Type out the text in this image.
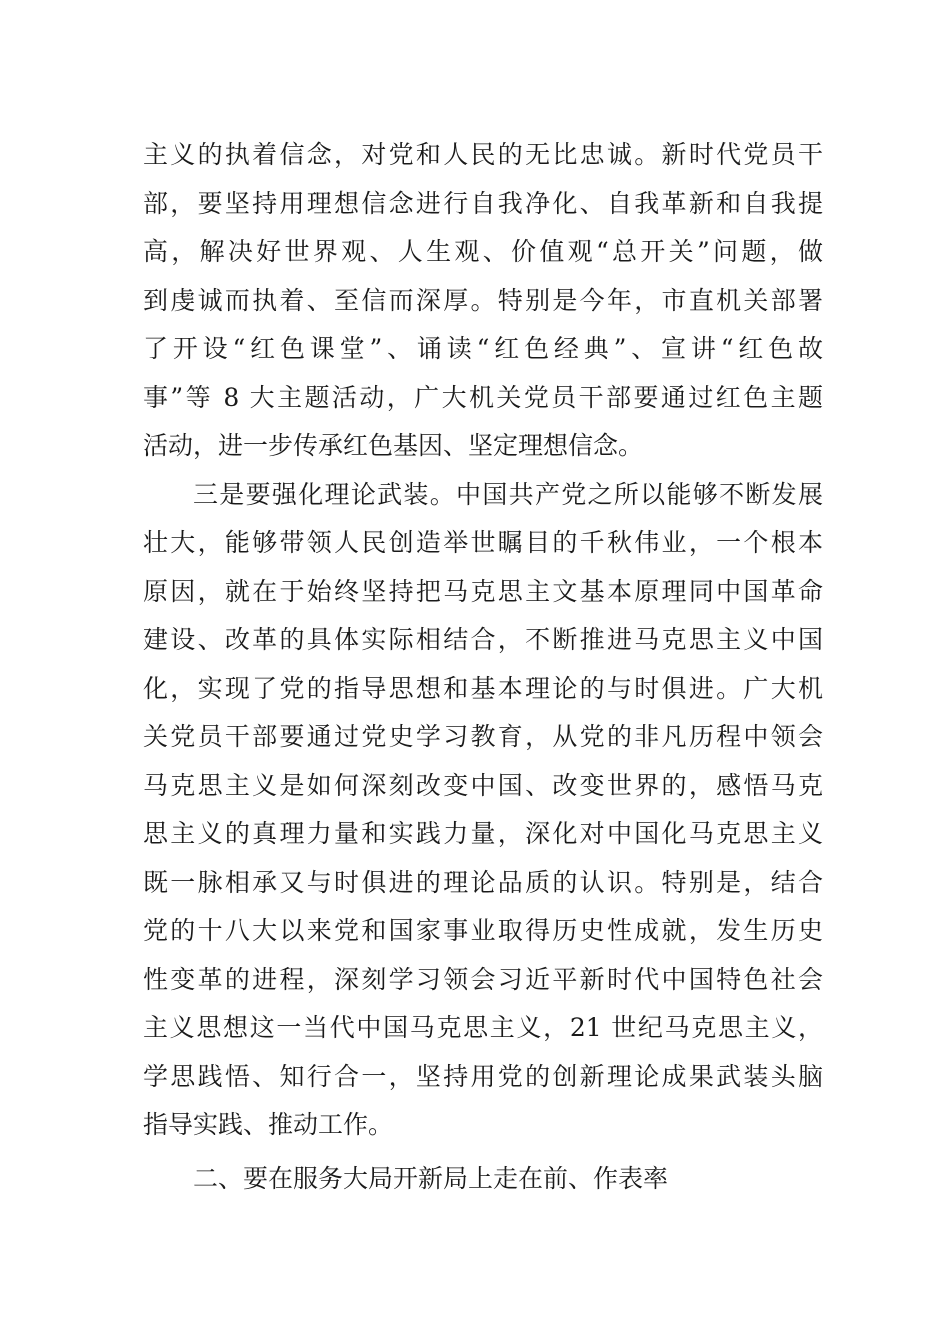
主义的执着信念，对党和人民的无比忠诚。新时代党员干
部，要坚持用理想信念进行自我净化、自我革新和自我提
高，解决好世界观、人生观、价值观“总开关”问题，做
到虔诚而执着、至信而深厚。特别是今年，市直机关部署
了开设“红色课堂”、诵读“红色经典”、宣讲“红色故
事”等 8 大主题活动，广大机关党员干部要通过红色主题
活动，进一步传承红色基因、坚定理想信念。
三是要强化理论武装。中国共产党之所以能够不断发展
壮大，能够带领人民创造举世瞩目的千秋伟业，一个根本
原因，就在于始终坚持把马克思主文基本原理同中国革命
建设、改革的具体实际相结合，不断推进马克思主义中国
化，实现了党的指导思想和基本理论的与时俱进。广大机
关党员干部要通过党史学习教育，从党的非凡历程中领会
马克思主义是如何深刻改变中国、改变世界的，感悟马克
思主义的真理力量和实践力量，深化对中国化马克思主义
既一脉相承又与时俱进的理论品质的认识。特别是，结合
党的十八大以来党和国家事业取得历史性成就，发生历史
性变革的进程，深刻学习领会习近平新时代中国特色社会
主义思想这一当代中国马克思主义，21 世纪马克思主义，
学思践悟、知行合一，坚持用党的创新理论成果武装头脑
指导实践、推动工作。
二、要在服务大局开新局上走在前、作表率
